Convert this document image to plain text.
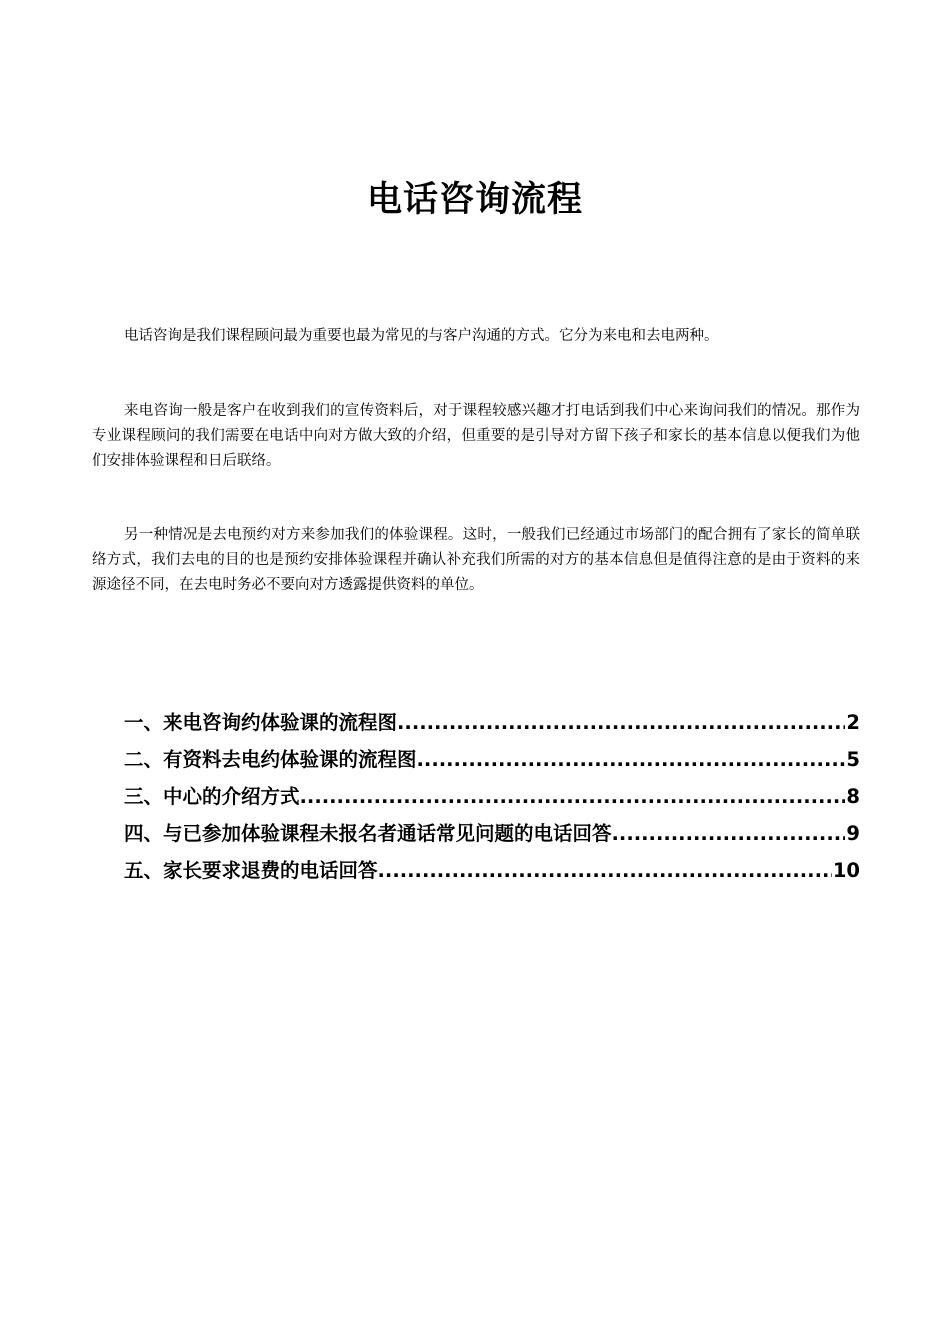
电话咨询流程

电话咨询是我们课程顾问最为重要也最为常见的与客户沟通的方式。它分为来电和去电两种。

来电咨询一般是客户在收到我们的宣传资料后，对于课程较感兴趣才打电话到我们中心来询问我们的情况。那作为专业课程顾问的我们需要在电话中向对方做大致的介绍，但重要的是引导对方留下孩子和家长的基本信息以便我们为他们安排体验课程和日后联络。

另一种情况是去电预约对方来参加我们的体验课程。这时，一般我们已经通过市场部门的配合拥有了家长的简单联络方式，我们去电的目的也是预约安排体验课程并确认补充我们所需的对方的基本信息但是值得注意的是由于资料的来源途径不同，在去电时务必不要向对方透露提供资料的单位。

一、来电咨询约体验课的流程图 .....	2
二、有资料去电约体验课的流程图 .....	5
三、中心的介绍方式 .....	8
四、与已参加体验课程未报名者通话常见问题的电话回答 .....	9
五、家长要求退费的电话回答 .....	10
